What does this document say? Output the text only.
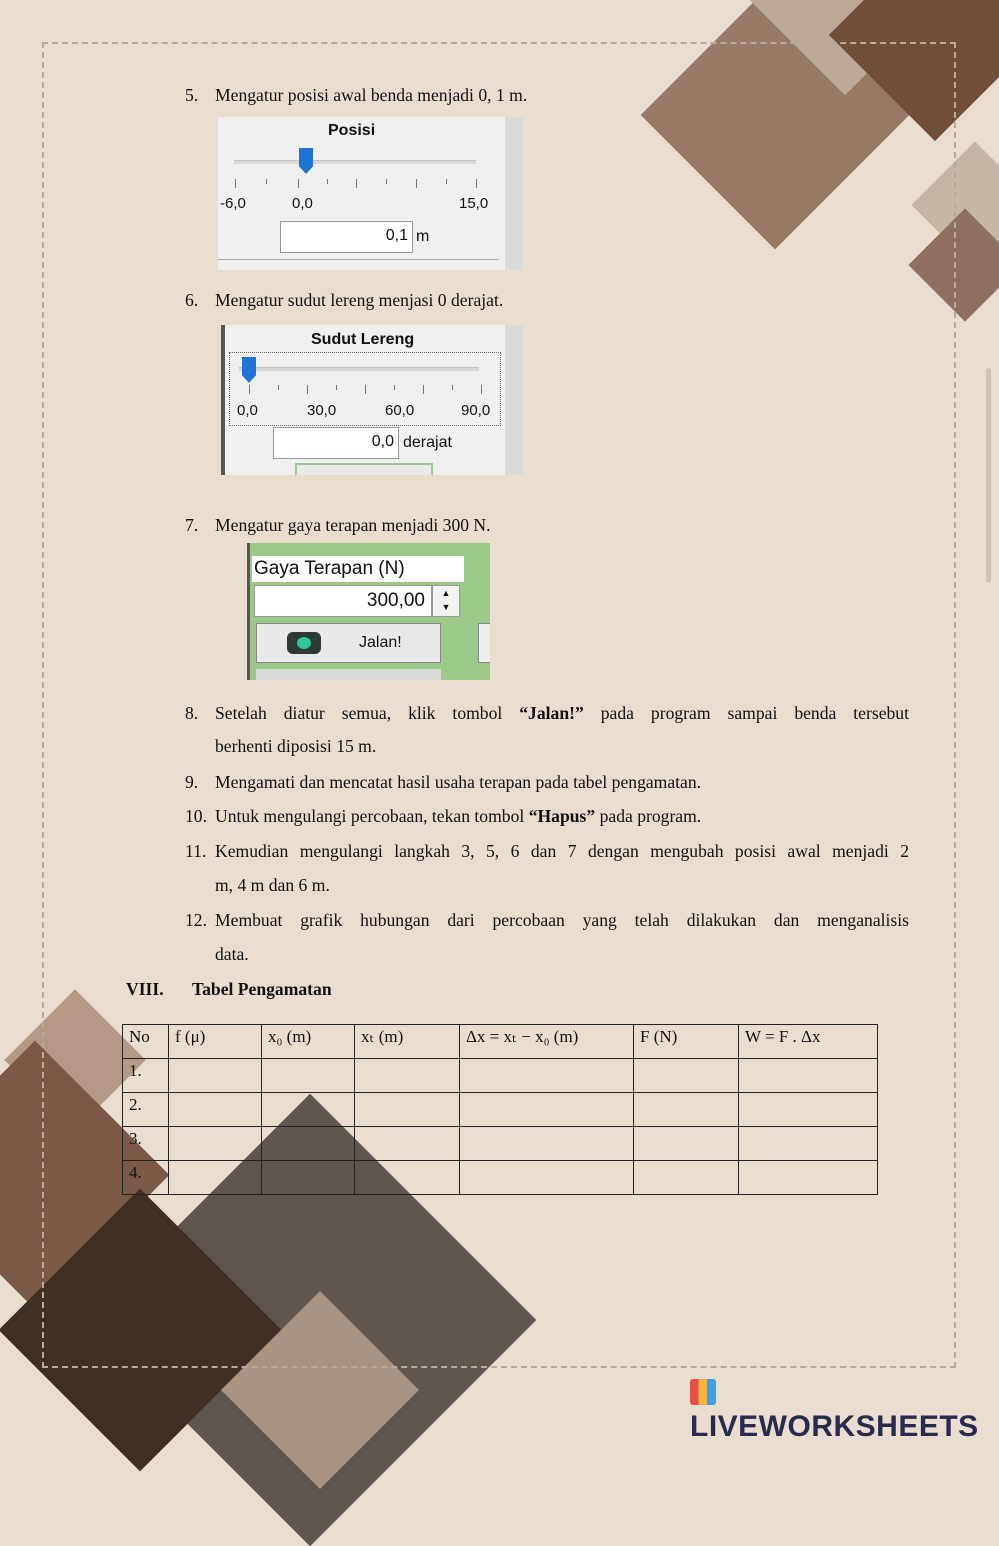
5. Mengatur posisi awal benda menjadi 0, 1 m.
Posisi
-6,0	0,0	15,0
0,1 m
6. Mengatur sudut lereng menjasi 0 derajat.
Sudut Lereng
0,0	30,0	60,0	90,0
0,0 derajat
7. Mengatur gaya terapan menjadi 300 N.
Gaya Terapan (N)
300,00	▲
▼
Jalan!
8. Setelah diatur semua, klik tombol “Jalan!” pada program sampai benda tersebut
berhenti diposisi 15 m.
9. Mengamati dan mencatat hasil usaha terapan pada tabel pengamatan.
10. Untuk mengulangi percobaan, tekan tombol “Hapus” pada program.
11. Kemudian mengulangi langkah 3, 5, 6 dan 7 dengan mengubah posisi awal menjadi 2
m, 4 m dan 6 m.
12. Membuat grafik hubungan dari percobaan yang telah dilakukan dan menganalisis
data.
VIII. Tabel Pengamatan
No	f (μ)	x₀ (m)	xₜ (m)	Δx = xₜ − x₀ (m)	F (N)	W = F . Δx
1.						
2.						
3.						
4.						
LIVEWORKSHEETS
